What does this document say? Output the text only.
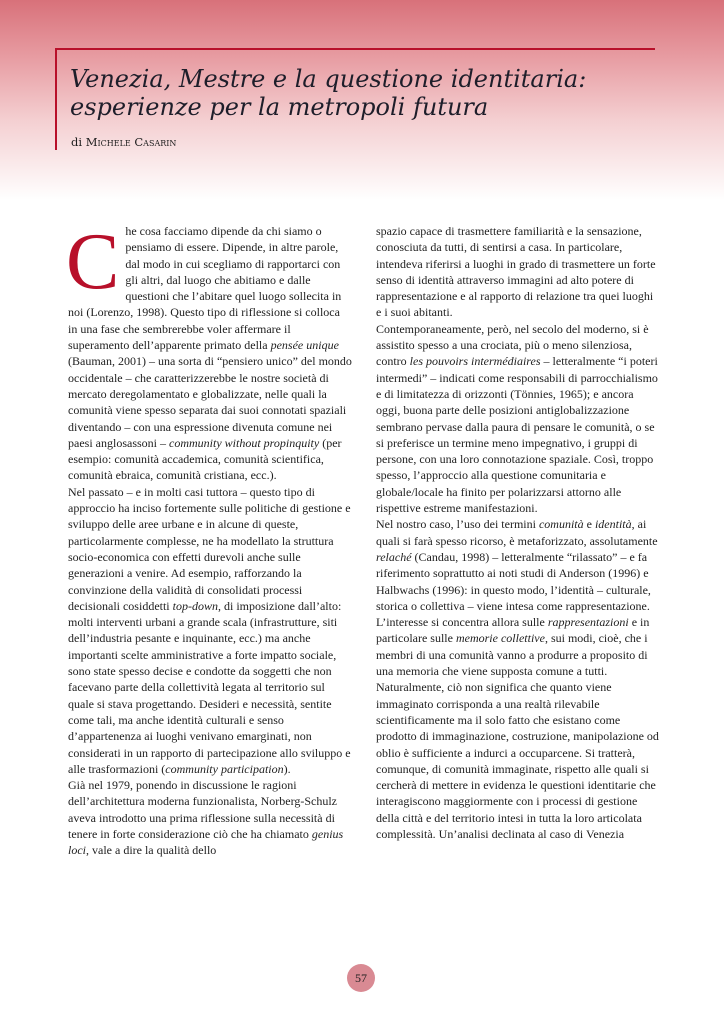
Venezia, Mestre e la questione identitaria:
esperienze per la metropoli futura
di Michele Casarin

Che cosa facciamo dipende da chi siamo o pensiamo di essere. Dipende, in altre parole, dal modo in cui scegliamo di rapportarci con gli altri, dal luogo che abitiamo e dalle questioni che l’abitare quel luogo sollecita in noi (Lorenzo, 1998). Questo tipo di riflessione si colloca in una fase che sembrerebbe voler affermare il superamento dell’apparente primato della pensée unique (Bauman, 2001) – una sorta di “pensiero unico” del mondo occidentale – che caratterizzerebbe le nostre società di mercato deregolamentato e globalizzate, nelle quali la comunità viene spesso separata dai suoi connotati spaziali diventando – con una espressione divenuta comune nei paesi anglosassoni – community without propinquity (per esempio: comunità accademica, comunità scientifica, comunità ebraica, comunità cristiana, ecc.).

Nel passato – e in molti casi tuttora – questo tipo di approccio ha inciso fortemente sulle politiche di gestione e sviluppo delle aree urbane e in alcune di queste, particolarmente complesse, ne ha modellato la struttura socio-economica con effetti durevoli anche sulle generazioni a venire. Ad esempio, rafforzando la convinzione della validità di consolidati processi decisionali cosiddetti top-down, di imposizione dall’alto: molti interventi urbani a grande scala (infrastrutture, siti dell’industria pesante e inquinante, ecc.) ma anche importanti scelte amministrative a forte impatto sociale, sono state spesso decise e condotte da soggetti che non facevano parte della collettività legata al territorio sul quale si stava progettando. Desideri e necessità, sentite come tali, ma anche identità culturali e senso d’appartenenza ai luoghi venivano emarginati, non considerati in un rapporto di partecipazione allo sviluppo e alle trasformazioni (community participation).

Già nel 1979, ponendo in discussione le ragioni dell’architettura moderna funzionalista, Norberg-Schulz aveva introdotto una prima riflessione sulla necessità di tenere in forte considerazione ciò che ha chiamato genius loci, vale a dire la qualità dello

spazio capace di trasmettere familiarità e la sensazione, conosciuta da tutti, di sentirsi a casa. In particolare, intendeva riferirsi a luoghi in grado di trasmettere un forte senso di identità attraverso immagini ad alto potere di rappresentazione e al rapporto di relazione tra quei luoghi e i suoi abitanti.

Contemporaneamente, però, nel secolo del moderno, si è assistito spesso a una crociata, più o meno silenziosa, contro les pouvoirs intermédiaires – letteralmente “i poteri intermedi” – indicati come responsabili di parrocchialismo e di limitatezza di orizzonti (Tönnies, 1965); e ancora oggi, buona parte delle posizioni antiglobalizzazione sembrano pervase dalla paura di pensare le comunità, o se si preferisce un termine meno impegnativo, i gruppi di persone, con una loro connotazione spaziale. Così, troppo spesso, l’approccio alla questione comunitaria e globale/locale ha finito per polarizzarsi attorno alle rispettive estreme manifestazioni.

Nel nostro caso, l’uso dei termini comunità e identità, ai quali si farà spesso ricorso, è metaforizzato, assolutamente relaché (Candau, 1998) – letteralmente “rilassato” – e fa riferimento soprattutto ai noti studi di Anderson (1996) e Halbwachs (1996): in questo modo, l’identità – culturale, storica o collettiva – viene intesa come rappresentazione. L’interesse si concentra allora sulle rappresentazioni e in particolare sulle memorie collettive, sui modi, cioè, che i membri di una comunità vanno a produrre a proposito di una memoria che viene supposta comune a tutti.

Naturalmente, ciò non significa che quanto viene immaginato corrisponda a una realtà rilevabile scientificamente ma il solo fatto che esistano come prodotto di immaginazione, costruzione, manipolazione od oblio è sufficiente a indurci a occuparcene. Si tratterà, comunque, di comunità immaginate, rispetto alle quali si cercherà di mettere in evidenza le questioni identitarie che interagiscono maggiormente con i processi di gestione della città e del territorio intesi in tutta la loro articolata complessità. Un’analisi declinata al caso di Venezia

57
